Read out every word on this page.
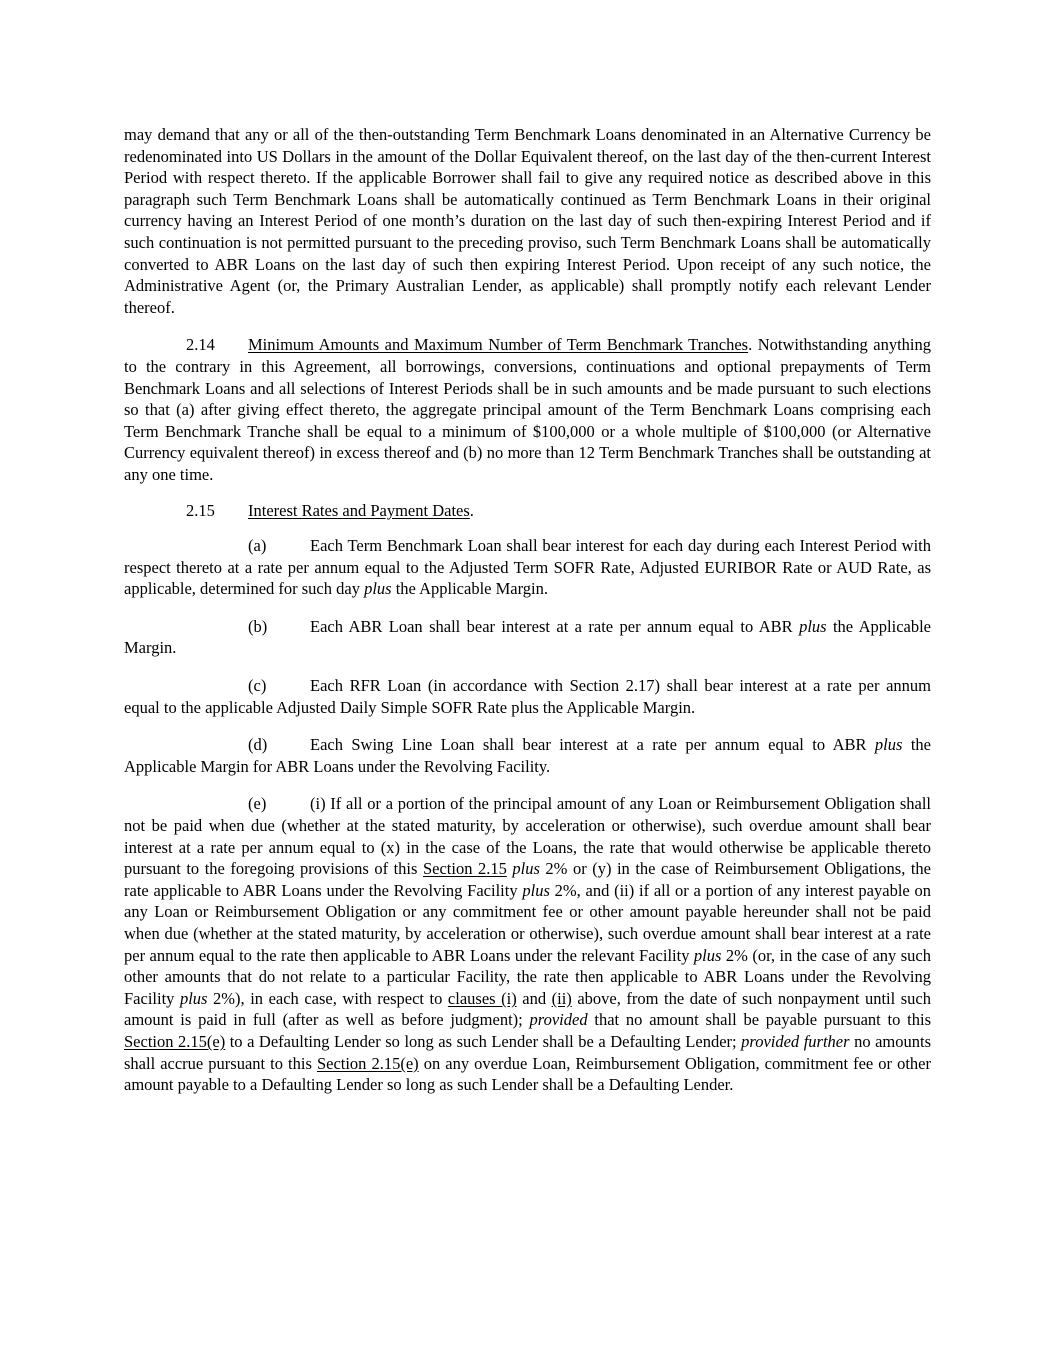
may demand that any or all of the then-outstanding Term Benchmark Loans denominated in an Alternative Currency be redenominated into US Dollars in the amount of the Dollar Equivalent thereof, on the last day of the then-current Interest Period with respect thereto. If the applicable Borrower shall fail to give any required notice as described above in this paragraph such Term Benchmark Loans shall be automatically continued as Term Benchmark Loans in their original currency having an Interest Period of one month’s duration on the last day of such then-expiring Interest Period and if such continuation is not permitted pursuant to the preceding proviso, such Term Benchmark Loans shall be automatically converted to ABR Loans on the last day of such then expiring Interest Period. Upon receipt of any such notice, the Administrative Agent (or, the Primary Australian Lender, as applicable) shall promptly notify each relevant Lender thereof.

2.14 Minimum Amounts and Maximum Number of Term Benchmark Tranches. Notwithstanding anything to the contrary in this Agreement, all borrowings, conversions, continuations and optional prepayments of Term Benchmark Loans and all selections of Interest Periods shall be in such amounts and be made pursuant to such elections so that (a) after giving effect thereto, the aggregate principal amount of the Term Benchmark Loans comprising each Term Benchmark Tranche shall be equal to a minimum of $100,000 or a whole multiple of $100,000 (or Alternative Currency equivalent thereof) in excess thereof and (b) no more than 12 Term Benchmark Tranches shall be outstanding at any one time.

2.15 Interest Rates and Payment Dates.

(a)	Each Term Benchmark Loan shall bear interest for each day during each Interest Period with respect thereto at a rate per annum equal to the Adjusted Term SOFR Rate, Adjusted EURIBOR Rate or AUD Rate, as applicable, determined for such day plus the Applicable Margin.

(b)	Each ABR Loan shall bear interest at a rate per annum equal to ABR plus the Applicable Margin.

(c)	Each RFR Loan (in accordance with Section 2.17) shall bear interest at a rate per annum equal to the applicable Adjusted Daily Simple SOFR Rate plus the Applicable Margin.

(d)	Each Swing Line Loan shall bear interest at a rate per annum equal to ABR plus the Applicable Margin for ABR Loans under the Revolving Facility.

(e)	(i) If all or a portion of the principal amount of any Loan or Reimbursement Obligation shall not be paid when due (whether at the stated maturity, by acceleration or otherwise), such overdue amount shall bear interest at a rate per annum equal to (x) in the case of the Loans, the rate that would otherwise be applicable thereto pursuant to the foregoing provisions of this Section 2.15 plus 2% or (y) in the case of Reimbursement Obligations, the rate applicable to ABR Loans under the Revolving Facility plus 2%, and (ii) if all or a portion of any interest payable on any Loan or Reimbursement Obligation or any commitment fee or other amount payable hereunder shall not be paid when due (whether at the stated maturity, by acceleration or otherwise), such overdue amount shall bear interest at a rate per annum equal to the rate then applicable to ABR Loans under the relevant Facility plus 2% (or, in the case of any such other amounts that do not relate to a particular Facility, the rate then applicable to ABR Loans under the Revolving Facility plus 2%), in each case, with respect to clauses (i) and (ii) above, from the date of such nonpayment until such amount is paid in full (after as well as before judgment); provided that no amount shall be payable pursuant to this Section 2.15(e) to a Defaulting Lender so long as such Lender shall be a Defaulting Lender; provided further no amounts shall accrue pursuant to this Section 2.15(e) on any overdue Loan, Reimbursement Obligation, commitment fee or other amount payable to a Defaulting Lender so long as such Lender shall be a Defaulting Lender.
